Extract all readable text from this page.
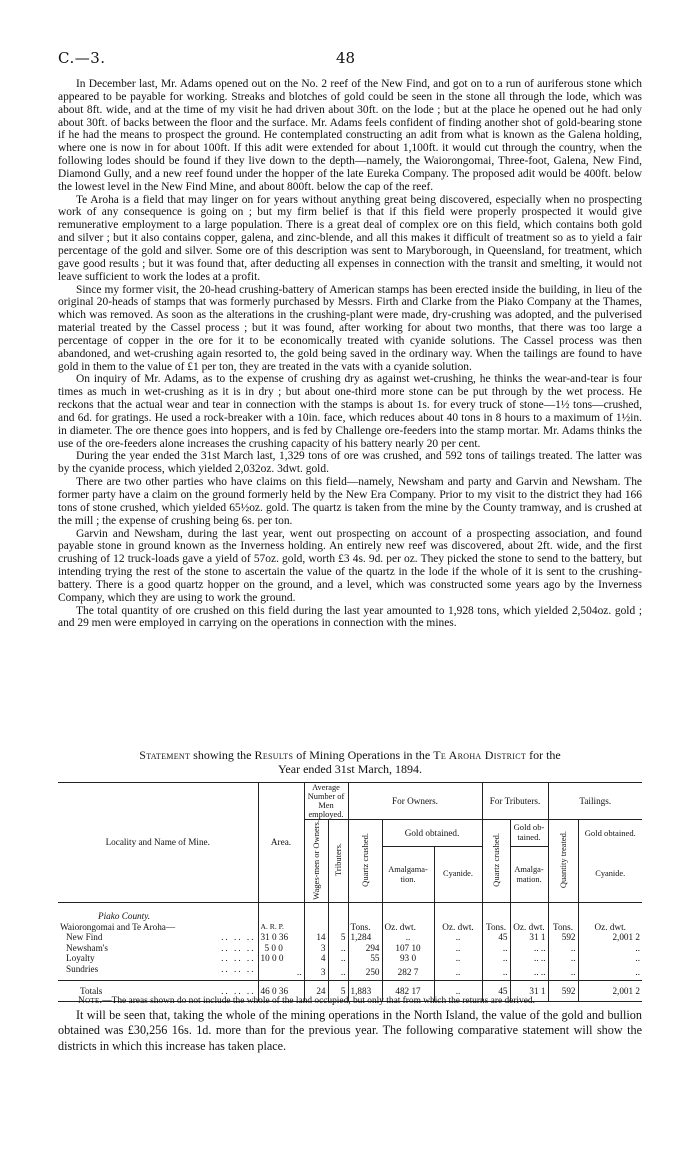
C.—3.	48

In December last, Mr. Adams opened out on the No. 2 reef of the New Find, and got on to a run of auriferous stone which appeared to be payable for working. Streaks and blotches of gold could be seen in the stone all through the lode, which was about 8ft. wide, and at the time of my visit he had driven about 30ft. on the lode ; but at the place he opened out he had only about 30ft. of backs between the floor and the surface. Mr. Adams feels confident of finding another shot of gold-bearing stone if he had the means to prospect the ground. He contemplated constructing an adit from what is known as the Galena holding, where one is now in for about 100ft. If this adit were extended for about 1,100ft. it would cut through the country, when the following lodes should be found if they live down to the depth—namely, the Waiorongomai, Three-foot, Galena, New Find, Diamond Gully, and a new reef found under the hopper of the late Eureka Company. The proposed adit would be 400ft. below the lowest level in the New Find Mine, and about 800ft. below the cap of the reef.

Te Aroha is a field that may linger on for years without anything great being discovered, especially when no prospecting work of any consequence is going on ; but my firm belief is that if this field were properly prospected it would give remunerative employment to a large population. There is a great deal of complex ore on this field, which contains both gold and silver ; but it also contains copper, galena, and zinc-blende, and all this makes it difficult of treatment so as to yield a fair percentage of the gold and silver. Some ore of this description was sent to Maryborough, in Queensland, for treatment, which gave good results ; but it was found that, after deducting all expenses in connection with the transit and smelting, it would not leave sufficient to work the lodes at a profit.

Since my former visit, the 20-head crushing-battery of American stamps has been erected inside the building, in lieu of the original 20-heads of stamps that was formerly purchased by Messrs. Firth and Clarke from the Piako Company at the Thames, which was removed. As soon as the alterations in the crushing-plant were made, dry-crushing was adopted, and the pulverised material treated by the Cassel process ; but it was found, after working for about two months, that there was too large a percentage of copper in the ore for it to be economically treated with cyanide solutions. The Cassel process was then abandoned, and wet-crushing again resorted to, the gold being saved in the ordinary way. When the tailings are found to have gold in them to the value of £1 per ton, they are treated in the vats with a cyanide solution.

On inquiry of Mr. Adams, as to the expense of crushing dry as against wet-crushing, he thinks the wear-and-tear is four times as much in wet-crushing as it is in dry ; but about one-third more stone can be put through by the wet process. He reckons that the actual wear and tear in connection with the stamps is about 1s. for every truck of stone—1½ tons—crushed, and 6d. for gratings. He used a rock-breaker with a 10in. face, which reduces about 40 tons in 8 hours to a maximum of 1½in. in diameter. The ore thence goes into hoppers, and is fed by Challenge ore-feeders into the stamp mortar. Mr. Adams thinks the use of the ore-feeders alone increases the crushing capacity of his battery nearly 20 per cent.

During the year ended the 31st March last, 1,329 tons of ore was crushed, and 592 tons of tailings treated. The latter was by the cyanide process, which yielded 2,032oz. 3dwt. gold.

There are two other parties who have claims on this field—namely, Newsham and party and Garvin and Newsham. The former party have a claim on the ground formerly held by the New Era Company. Prior to my visit to the district they had 166 tons of stone crushed, which yielded 65½oz. gold. The quartz is taken from the mine by the County tramway, and is crushed at the mill ; the expense of crushing being 6s. per ton.

Garvin and Newsham, during the last year, went out prospecting on account of a prospecting association, and found payable stone in ground known as the Inverness holding. An entirely new reef was discovered, about 2ft. wide, and the first crushing of 12 truck-loads gave a yield of 57oz. gold, worth £3 4s. 9d. per oz. They picked the stone to send to the battery, but intending trying the rest of the stone to ascertain the value of the quartz in the lode if the whole of it is sent to the crushing-battery. There is a good quartz hopper on the ground, and a level, which was constructed some years ago by the Inverness Company, which they are using to work the ground.

The total quantity of ore crushed on this field during the last year amounted to 1,928 tons, which yielded 2,504oz. gold ; and 29 men were employed in carrying on the operations in connection with the mines.

Statement showing the Results of Mining Operations in the Te Aroha District for the
Year ended 31st March, 1894.
Locality and Name of Mine.	Area.	Average Number of Men employed.		For Owners.			For Tributers.		Tailings.	
		Wages-men or Owners.	Tributers.	Quartz crushed.	Gold obtained.		Quartz crushed.	Gold ob-tained.	Quantity treated.	Gold obtained.
					Amalgama-tion.	Cyanide.		Amalga-mation.		Cyanide.
Piako County.										
Waiorongomai and Te Aroha—	A. R. P.			Tons.	Oz. dwt.	Oz. dwt.	Tons.	Oz. dwt.	Tons.	Oz. dwt.
New Find .. .. ..	31 0 36	14	5	1,284	..	..	45	31 1	592	2,001 2
Newsham's .. .. ..	5 0 0	3	..	294	107 10	..	..	.. ..	..	..
Loyalty .. .. ..	10 0 0	4	..	55	93 0	..	..	.. ..	..	..
Sundries .. .. ..	..	3	..	250	282 7	..	..	.. ..	..	..
Totals .. .. ..	46 0 36	24	5	1,883	482 17	..	45	31 1	592	2,001 2
Note.—The areas shown do not include the whole of the land occupied, but only that from which the returns are derived.

It will be seen that, taking the whole of the mining operations in the North Island, the value of the gold and bullion obtained was £30,256 16s. 1d. more than for the previous year. The following comparative statement will show the districts in which this increase has taken place.
